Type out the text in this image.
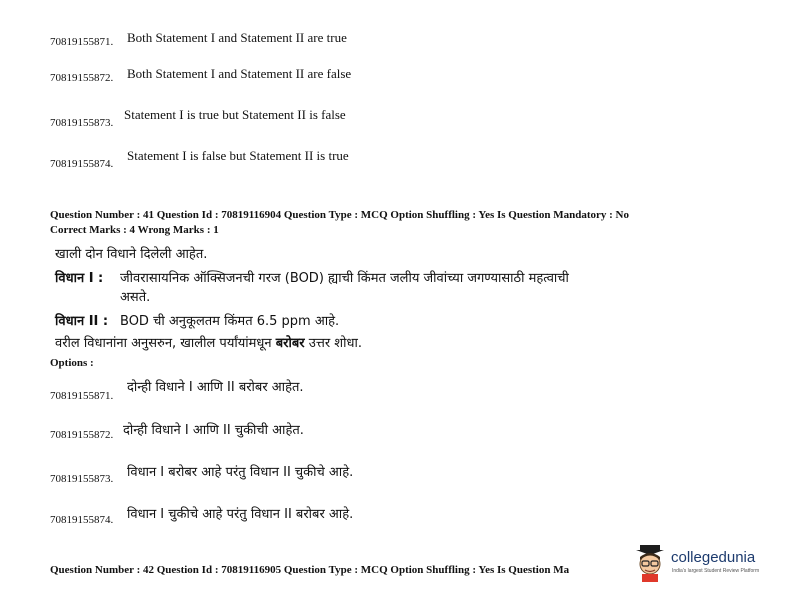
70819155871. Both Statement I and Statement II are true
70819155872. Both Statement I and Statement II are false
70819155873.
Statement I is true but Statement II is false
70819155874.
Statement I is false but Statement II is true
Question Number : 41 Question Id : 70819116904 Question Type : MCQ Option Shuffling : Yes Is Question Mandatory : No
Correct Marks : 4 Wrong Marks : 1
खाली दोन विधाने दिलेली आहेत.
विधान I : जीवरासायनिक ऑक्सिजनची गरज (BOD) ह्याची किंमत जलीय जीवांच्या जगण्यासाठी महत्वाची
असते.
विधान II : BOD ची अनुकूलतम किंमत 6.5 ppm आहे.
वरील विधानांना अनुसरुन, खालील पर्यांयांमधून बरोबर उत्तर शोधा.
Options :
70819155871.
दोन्ही विधाने I आणि II बरोबर आहेत.
70819155872. दोन्ही विधाने I आणि II चुकीची आहेत.
70819155873. विधान I बरोबर आहे परंतु विधान II चुकीचे आहे.
70819155874. विधान I चुकीचे आहे परंतु विधान II बरोबर आहे.
Question Number : 42 Question Id : 70819116905 Question Type : MCQ Option Shuffling : Yes Is Question Ma
collegedunia
India's largest Student Review Platform
